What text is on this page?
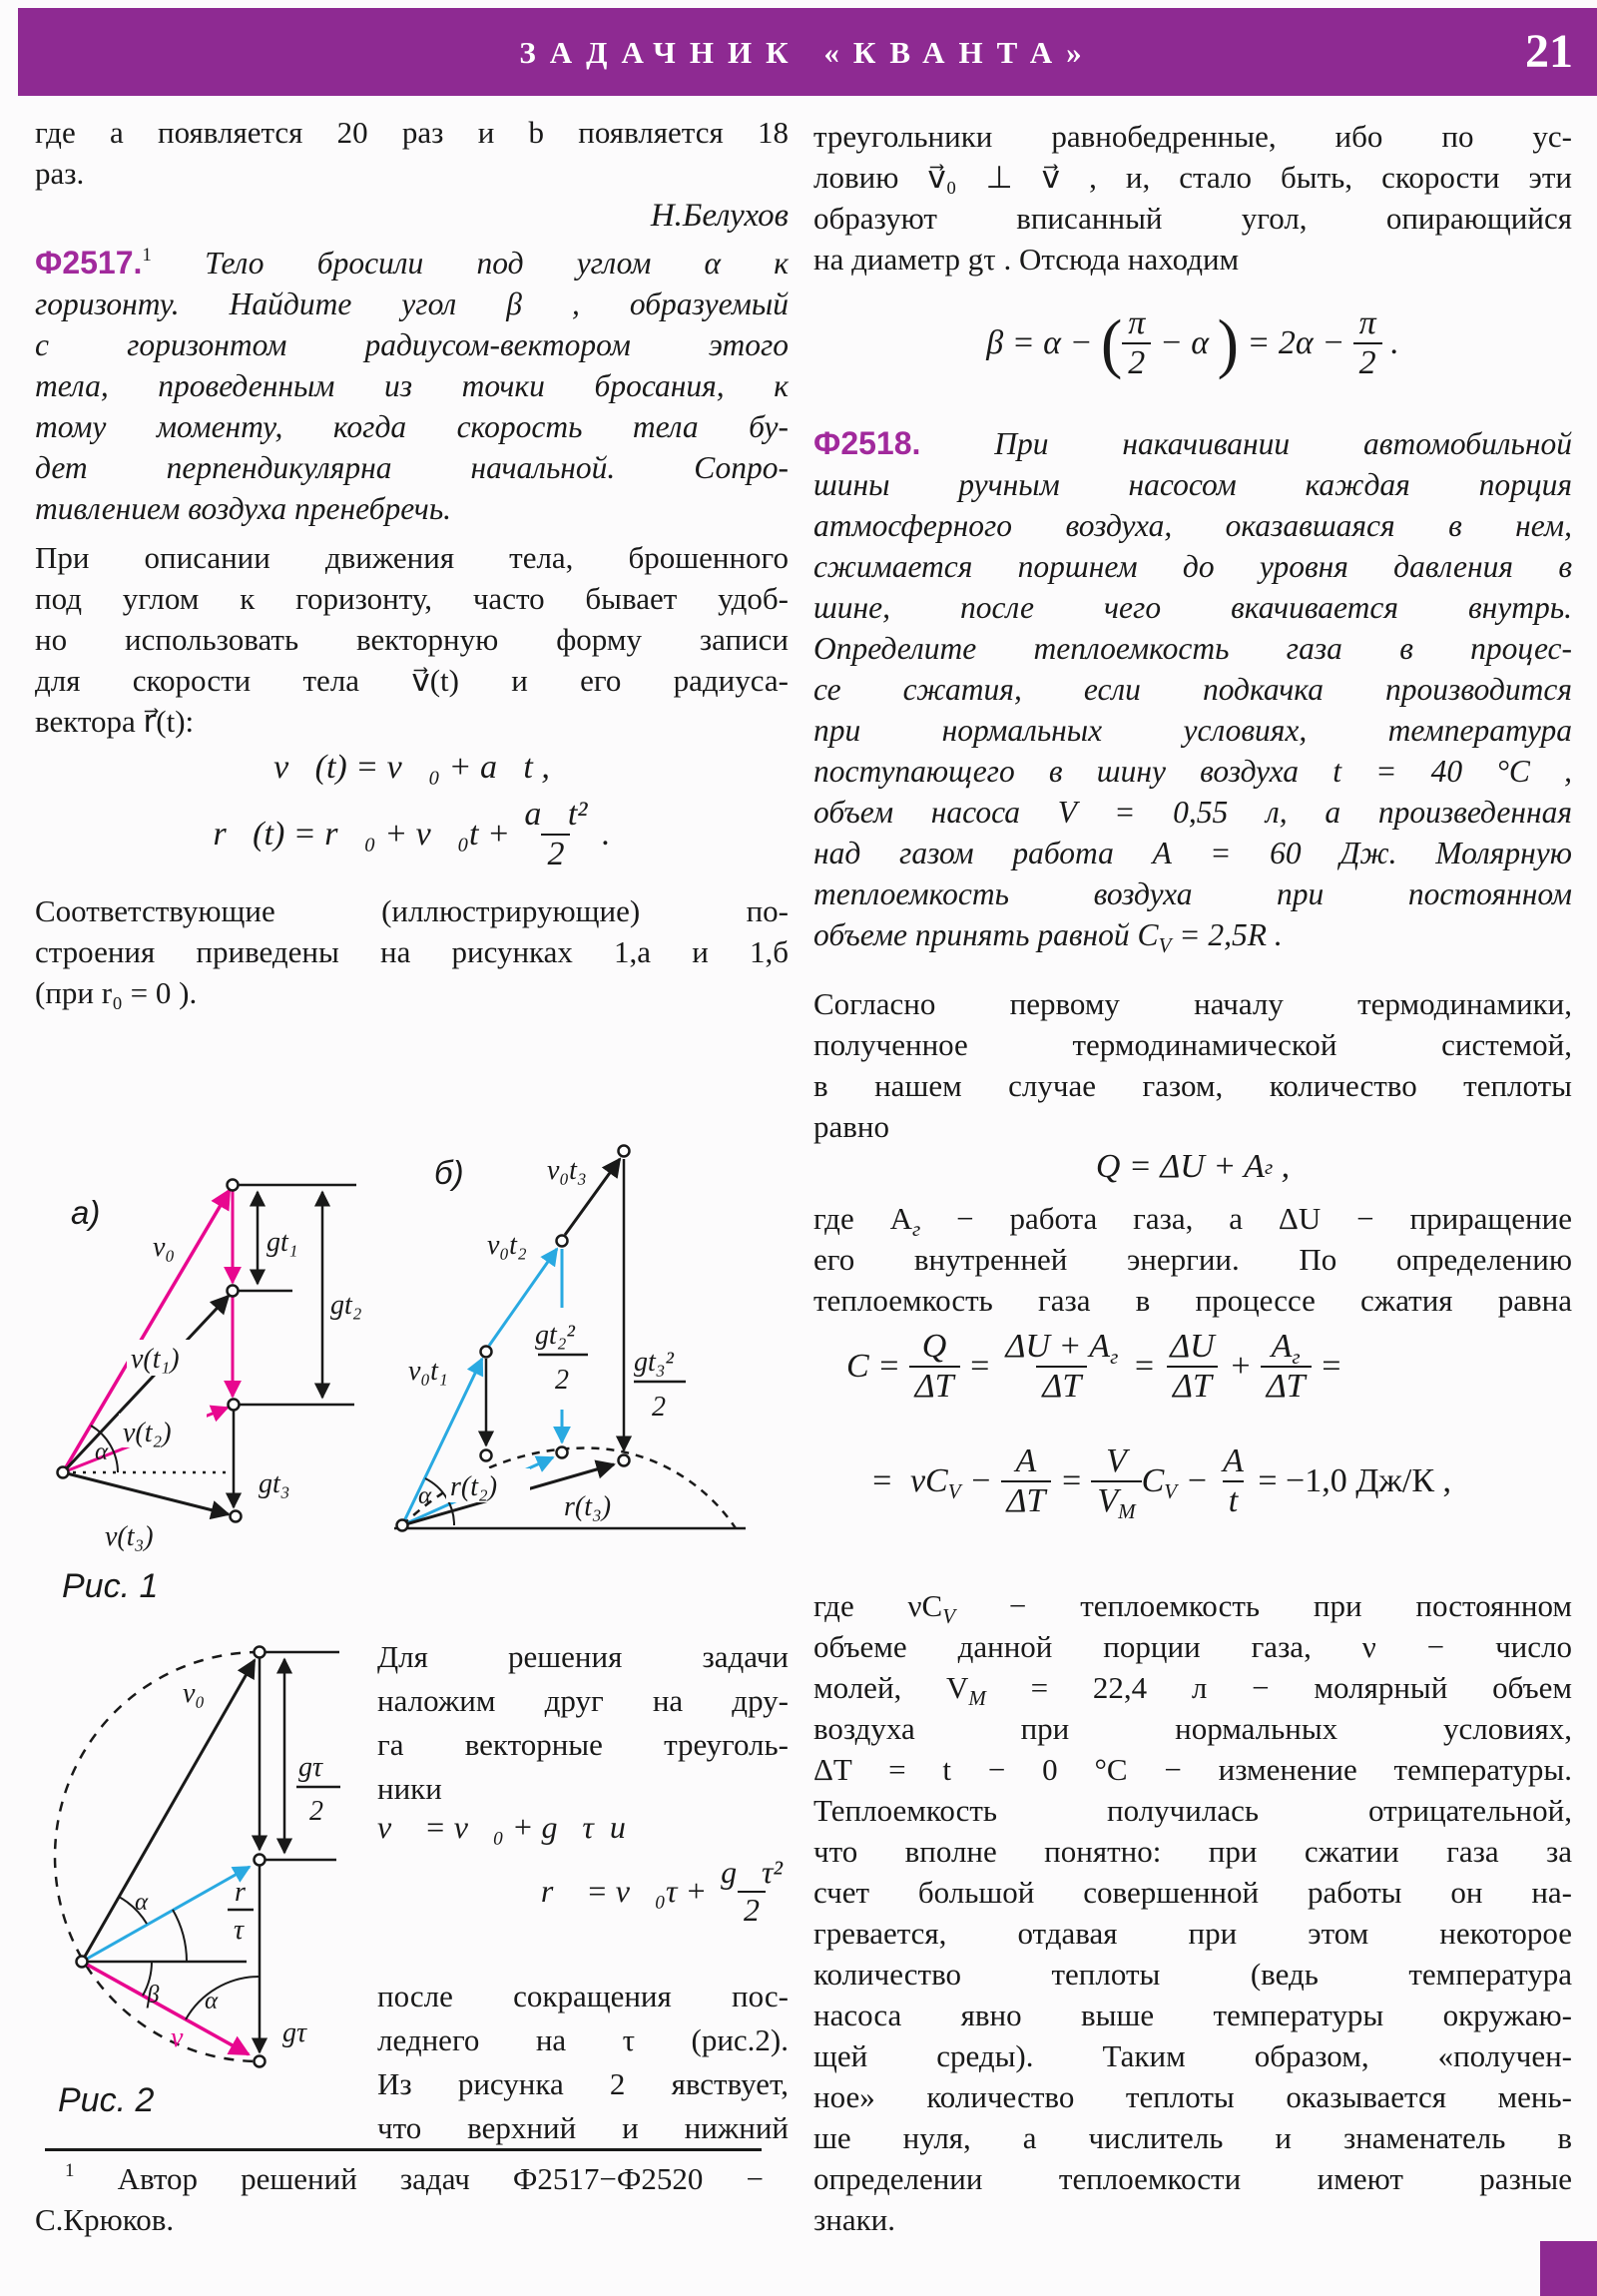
ЗАДАЧНИК «КВАНТА»	21
где a появляется 20 раз и b появляется 18
раз.
Н.Белухов
Ф2517.$^1$ Тело бросили под углом α к
горизонту. Найдите угол β , образуемый
с горизонтом радиусом-вектором этого
тела, проведенным из точки бросания, к
тому моменту, когда скорость тела бу-
дет перпендикулярна начальной. Сопро-
тивлением воздуха пренебречь.
При описании движения тела, брошенного
под углом к горизонту, часто бывает удоб-
но использовать векторную форму записи
для скорости тела v⃗(t) и его радиуса-
вектора r⃗(t):
v⃗(t) = v⃗₀ + a⃗t ,
r⃗(t) = r⃗₀ + v⃗₀t + $\frac{\text{a⃗t²}}{2}$ .
Соответствующие (иллюстрирующие) по-
строения приведены на рисунках 1,а и 1,б
(при r₀ = 0 ).
а)
v₀
v(t₁)
v(t₂)
v(t₃)
α
gt₁
gt₂
gt₃
б)
v₀t₁
v₀t₂
v₀t₃
gt₂²
2
gt₃²
2
r(t₂)
r(t₃)
α
Рис. 1
v₀
α
β α
r
τ
gτ
2
gτ
v
Рис. 2
Для решения задачи
наложим друг на дру-
га векторные треуголь-
ники
v⃗ = v⃗₀ + g⃗τ  и
r⃗ = v⃗₀τ + $\frac{\text{g⃗τ²}}{2}$
после сокращения пос-
леднего на τ (рис.2).
Из рисунка 2 явствует,
что верхний и нижний
$^1$ Автор решений задач Ф2517−Ф2520 −
С.Крюков.
треугольники равнобедренные, ибо по ус-
ловию v⃗₀ ⊥ v⃗ , и, стало быть, скорости эти
образуют вписанный угол, опирающийся
на диаметр gτ . Отсюда находим
β = α − ( $\frac{\pi}{2} - \alpha$ ) = $2\alpha - \frac{\pi}{2}$ .
Ф2518. При накачивании автомобильной
шины ручным насосом каждая порция
атмосферного воздуха, оказавшаяся в нем,
сжимается поршнем до уровня давления в
шине, после чего вкачивается внутрь.
Определите теплоемкость газа в процес-
се сжатия, если подкачка производится
при нормальных условиях, температура
поступающего в шину воздуха t = 40 °C ,
объем насоса V = 0,55 л, а произведенная
над газом работа A = 60 Дж. Молярную
теплоемкость воздуха при постоянном
объеме принять равной $C_V = 2,5R$ .
Согласно первому началу термодинамики,
полученное термодинамической системой,
в нашем случае газом, количество теплоты
равно
Q = ΔU + A г ,
где $A_г$ − работа газа, а ΔU − приращение
его внутренней энергии. По определению
теплоемкость газа в процессе сжатия равна
$C = \frac{Q}{\Delta T} = \frac{\Delta U + A_г}{\Delta T} = \frac{\Delta U}{\Delta T} + \frac{A_г}{\Delta T}$ =
=  $\nu C_V - \frac{A}{\Delta T} = \frac{V}{V_М} C_V - \frac{A}{t} = -1,0$ Дж/К ,
где $\nu C_V$ − теплоемкость при постоянном
объеме данной порции газа, ν − число
молей, $V_М = 22,4$ л − молярный объем
воздуха при нормальных условиях,
ΔT = t − 0 °C − изменение температуры.
Теплоемкость получилась отрицательной,
что вполне понятно: при сжатии газа за
счет большой совершенной работы он на-
гревается, отдавая при этом некоторое
количество теплоты (ведь температура
насоса явно выше температуры окружаю-
щей среды). Таким образом, «получен-
ное» количество теплоты оказывается мень-
ше нуля, а числитель и знаменатель в
определении теплоемкости имеют разные
знаки.
